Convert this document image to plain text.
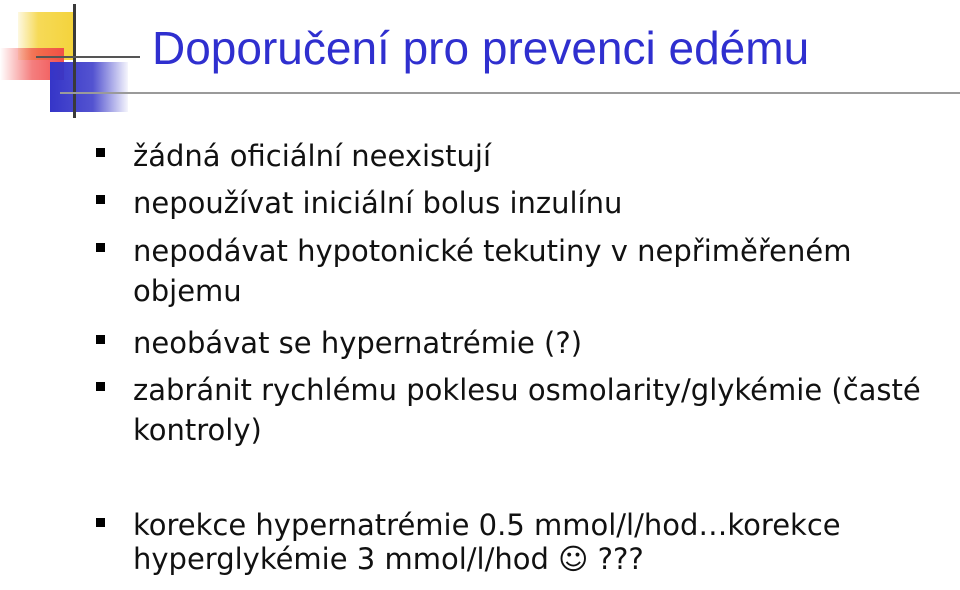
Doporučení pro prevenci edému
žádná oficiální neexistují
nepoužívat iniciální bolus inzulínu
nepodávat hypotonické tekutiny v nepřiměřeném objemu
neobávat se hypernatrémie (?)
zabránit rychlému poklesu osmolarity/glykémie (časté kontroly)
korekce hypernatrémie 0.5 mmol/l/hod…korekce hyperglykémie 3 mmol/l/hod ☺ ???
